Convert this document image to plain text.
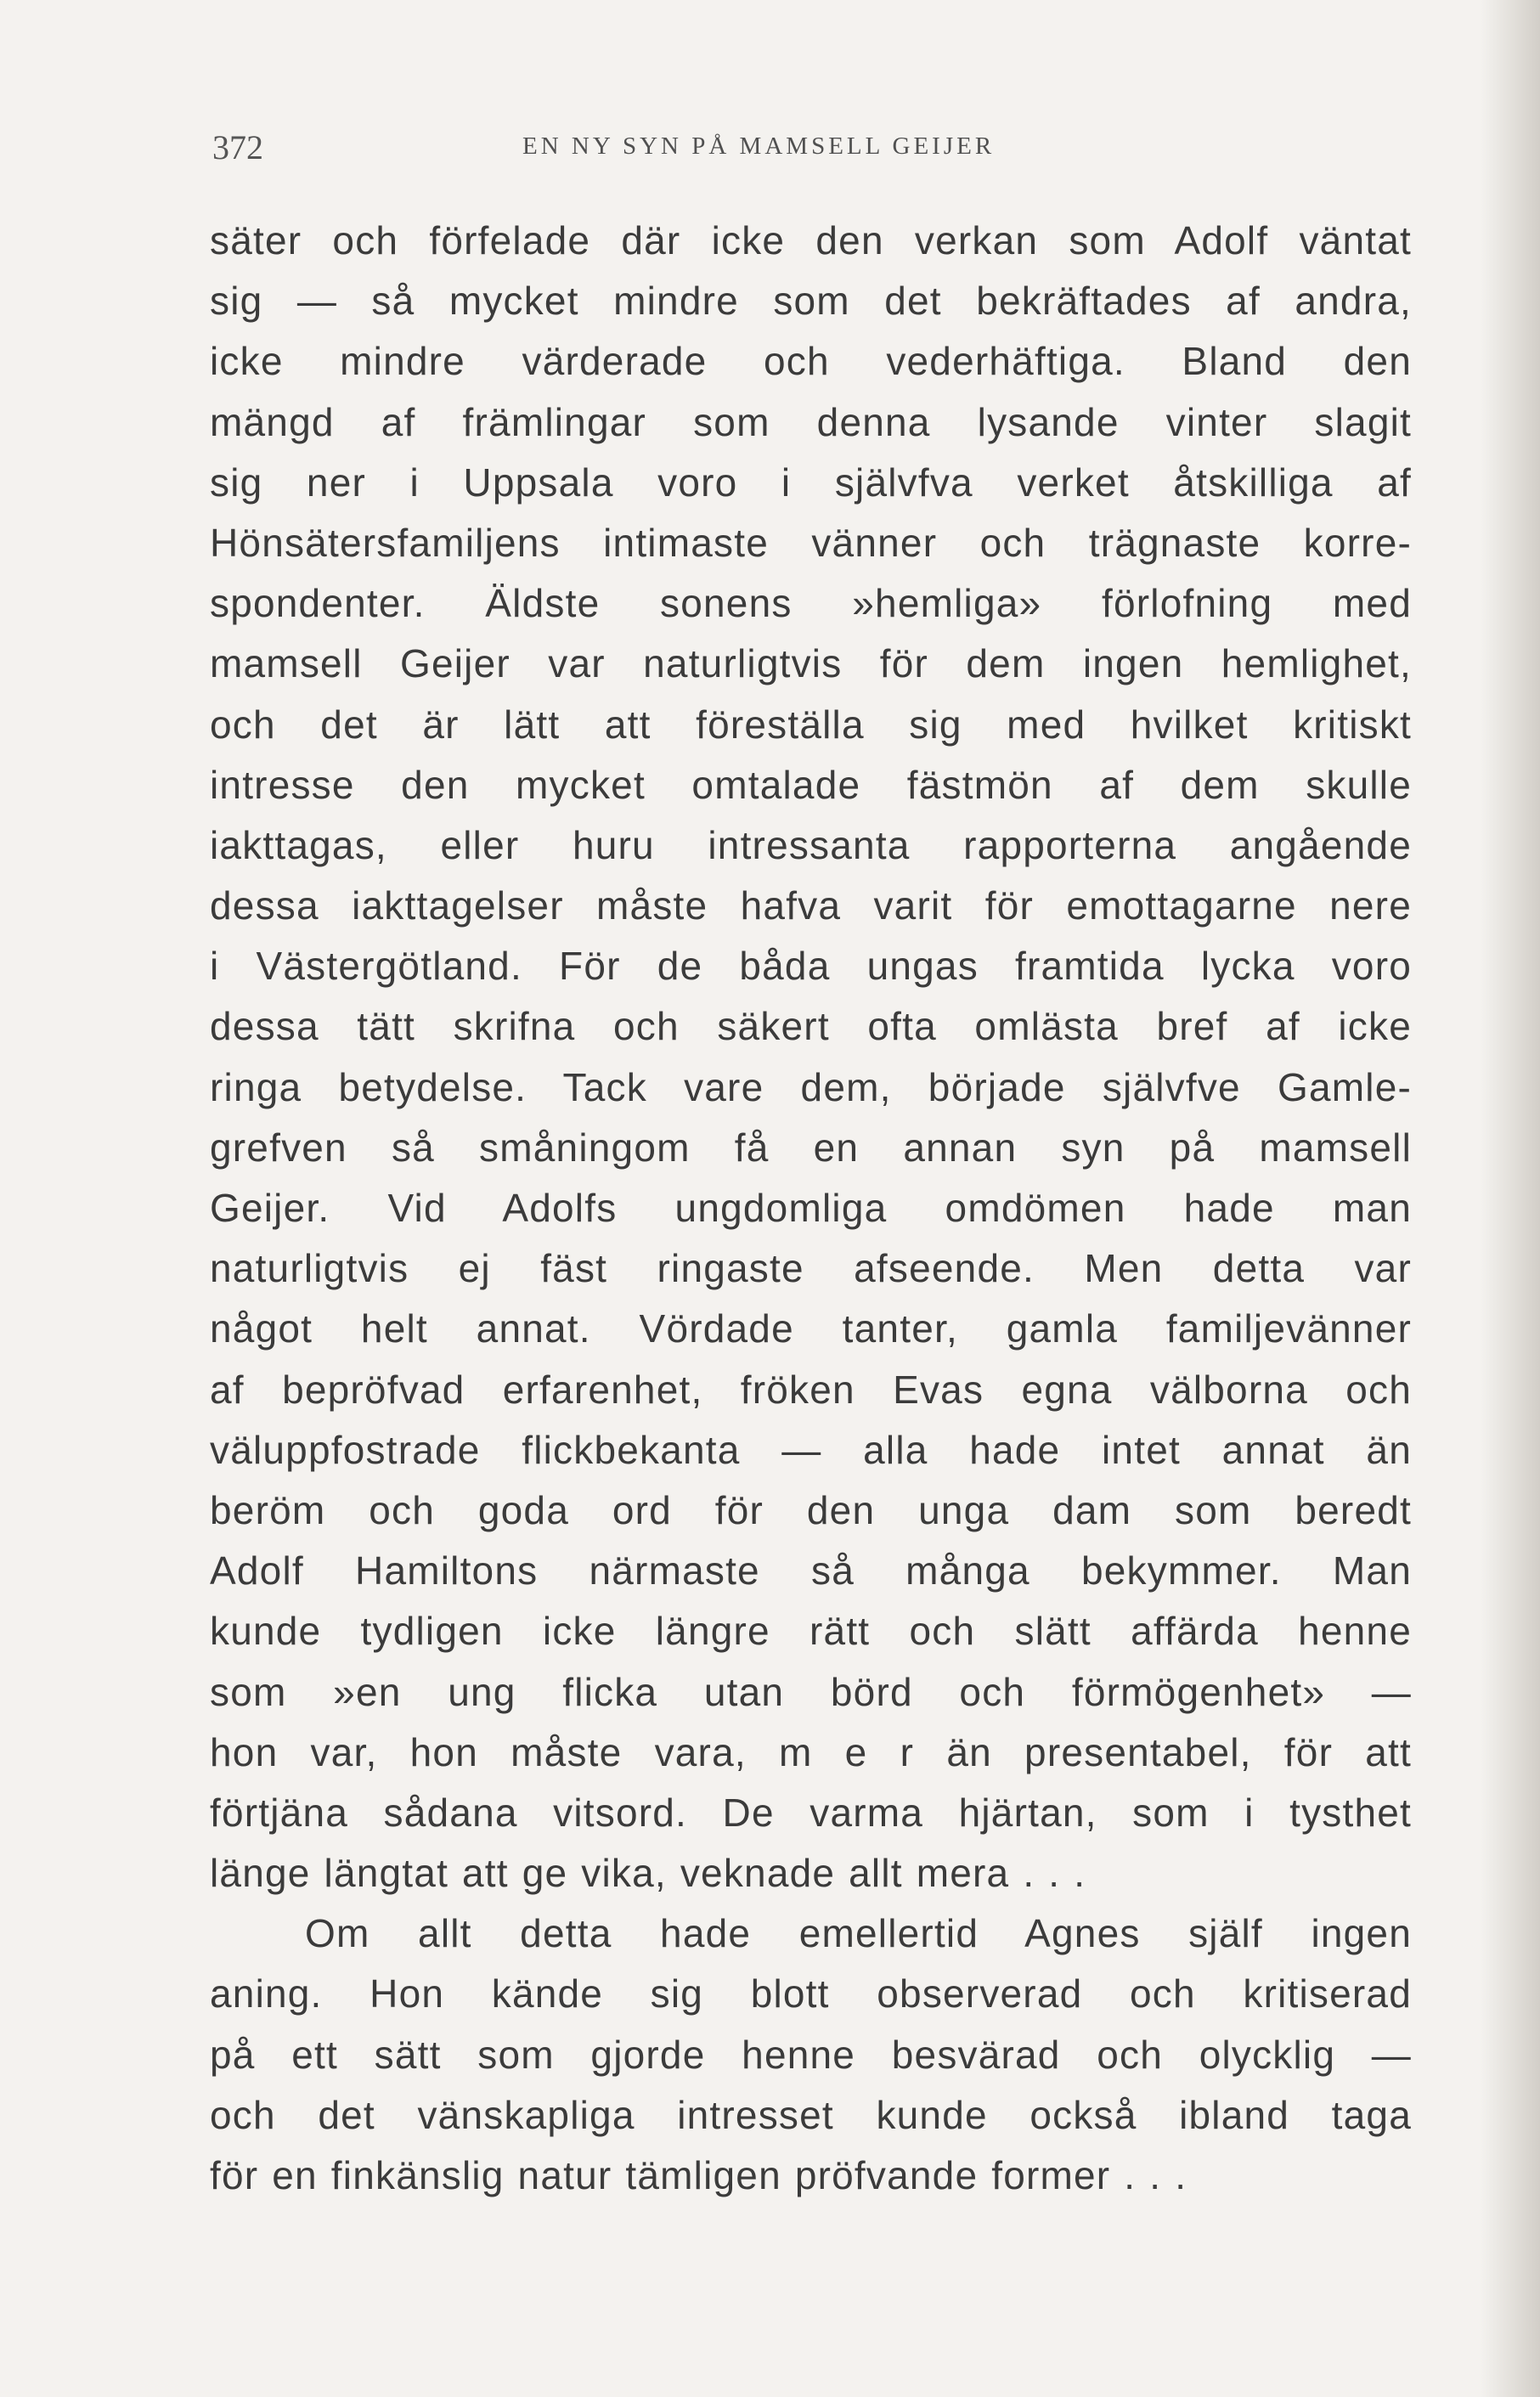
372	EN NY SYN PÅ MAMSELL GEIJER
säter och förfelade där icke den verkan som Adolf väntat
sig — så mycket mindre som det bekräftades af andra,
icke mindre värderade och vederhäftiga. Bland den
mängd af främlingar som denna lysande vinter slagit
sig ner i Uppsala voro i självfva verket åtskilliga af
Hönsätersfamiljens intimaste vänner och trägnaste korre-
spondenter. Äldste sonens »hemliga» förlofning med
mamsell Geijer var naturligtvis för dem ingen hemlighet,
och det är lätt att föreställa sig med hvilket kritiskt
intresse den mycket omtalade fästmön af dem skulle
iakttagas, eller huru intressanta rapporterna angående
dessa iakttagelser måste hafva varit för emottagarne nere
i Västergötland. För de båda ungas framtida lycka voro
dessa tätt skrifna och säkert ofta omlästa bref af icke
ringa betydelse. Tack vare dem, började självfve Gamle-
grefven så småningom få en annan syn på mamsell
Geijer. Vid Adolfs ungdomliga omdömen hade man
naturligtvis ej fäst ringaste afseende. Men detta var
något helt annat. Vördade tanter, gamla familjevänner
af bepröfvad erfarenhet, fröken Evas egna välborna och
väluppfostrade flickbekanta — alla hade intet annat än
beröm och goda ord för den unga dam som beredt
Adolf Hamiltons närmaste så många bekymmer. Man
kunde tydligen icke längre rätt och slätt affärda henne
som »en ung flicka utan börd och förmögenhet» —
hon var, hon måste vara, m e r än presentabel, för att
förtjäna sådana vitsord. De varma hjärtan, som i tysthet
länge längtat att ge vika, veknade allt mera . . .
Om allt detta hade emellertid Agnes själf ingen
aning. Hon kände sig blott observerad och kritiserad
på ett sätt som gjorde henne besvärad och olycklig —
och det vänskapliga intresset kunde också ibland taga
för en finkänslig natur tämligen pröfvande former . . .
